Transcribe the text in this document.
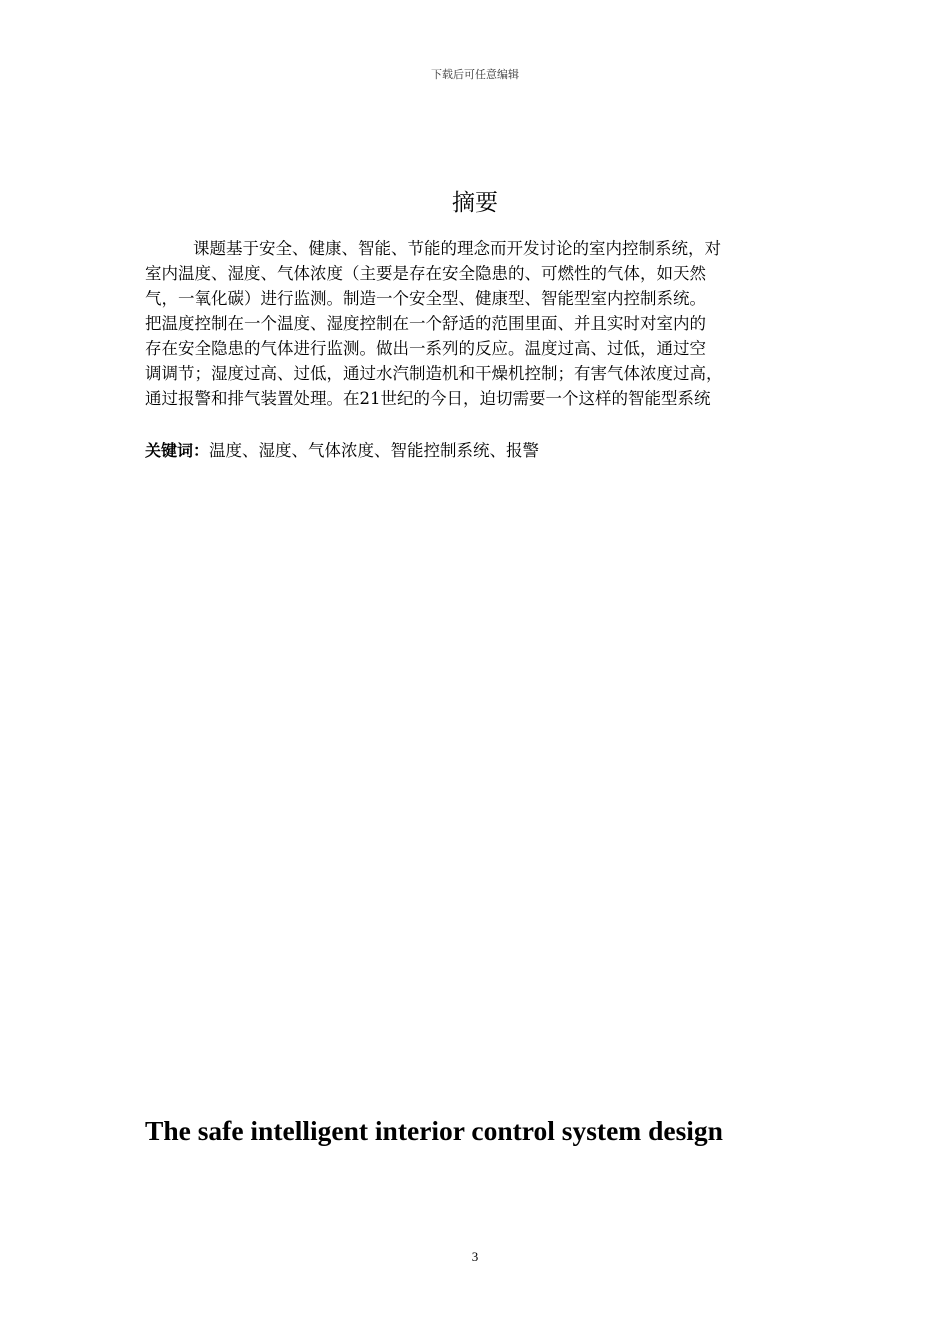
下载后可任意编辑
摘要
课题基于安全、健康、智能、节能的理念而开发讨论的室内控制系统，对
室内温度、湿度、气体浓度（主要是存在安全隐患的、可燃性的气体，如天然
气，一氧化碳）进行监测。制造一个安全型、健康型、智能型室内控制系统。
把温度控制在一个温度、湿度控制在一个舒适的范围里面、并且实时对室内的
存在安全隐患的气体进行监测。做出一系列的反应。温度过高、过低，通过空
调调节；湿度过高、过低，通过水汽制造机和干燥机控制；有害气体浓度过高，
通过报警和排气装置处理。在21世纪的今日，迫切需要一个这样的智能型系统
关键词：温度、湿度、气体浓度、智能控制系统、报警
The safe intelligent interior control system design
3
